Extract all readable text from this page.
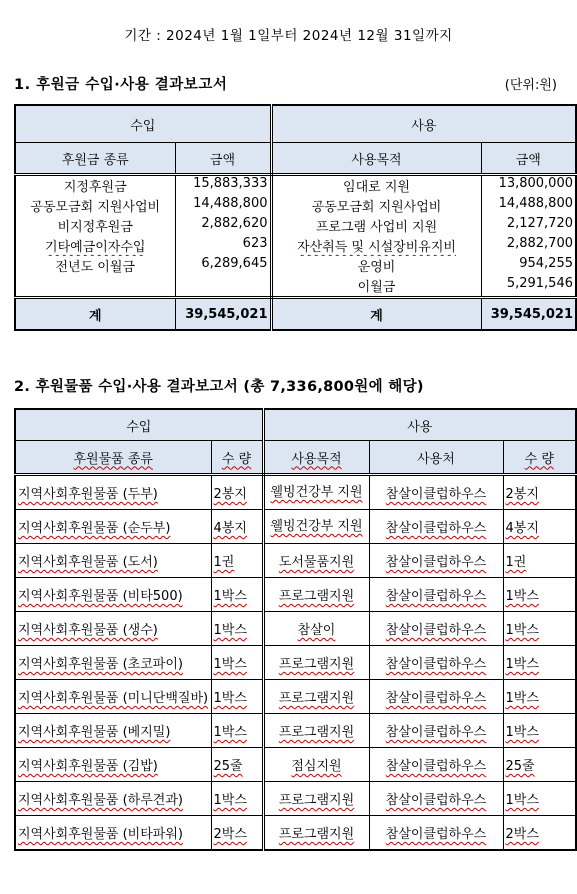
기간 : 2024년 1월 1일부터 2024년 12월 31일까지
1. 후원금 수입·사용 결과보고서	(단위:원)
수입		사용	
후원금 종류	금액	사용목적	금액
지정후원금	15,883,333	임대로 지원	13,800,000
공동모금회 지원사업비	14,488,800	공동모금회 지원사업비	14,488,800
비지정후원금	2,882,620	프로그램 사업비 지원	2,127,720
기타예금이자수입	623	자산취득 및 시설장비유지비	2,882,700
전년도 이월금	6,289,645	운영비	954,255
		이월금	5,291,546
계	39,545,021	계	39,545,021
2. 후원물품 수입·사용 결과보고서 (총 7,336,800원에 해당)
수입		사용		
후원물품 종류	수 량	사용목적	사용처	수 량
지역사회후원물품 (두부)	2봉지	웰빙건강부 지원	참살이클럽하우스	2봉지
지역사회후원물품 (순두부)	4봉지	웰빙건강부 지원	참살이클럽하우스	4봉지
지역사회후원물품 (도서)	1권	도서물품지원	참살이클럽하우스	1권
지역사회후원물품 (비타500)	1박스	프로그램지원	참살이클럽하우스	1박스
지역사회후원물품 (생수)	1박스	참살이	참살이클럽하우스	1박스
지역사회후원물품 (초코파이)	1박스	프로그램지원	참살이클럽하우스	1박스
지역사회후원물품 (미니단백질바)	1박스	프로그램지원	참살이클럽하우스	1박스
지역사회후원물품 (베지밀)	1박스	프로그램지원	참살이클럽하우스	1박스
지역사회후원물품 (김밥)	25줄	점심지원	참살이클럽하우스	25줄
지역사회후원물품 (하루견과)	1박스	프로그램지원	참살이클럽하우스	1박스
지역사회후원물품 (비타파워)	2박스	프로그램지원	참살이클럽하우스	2박스
